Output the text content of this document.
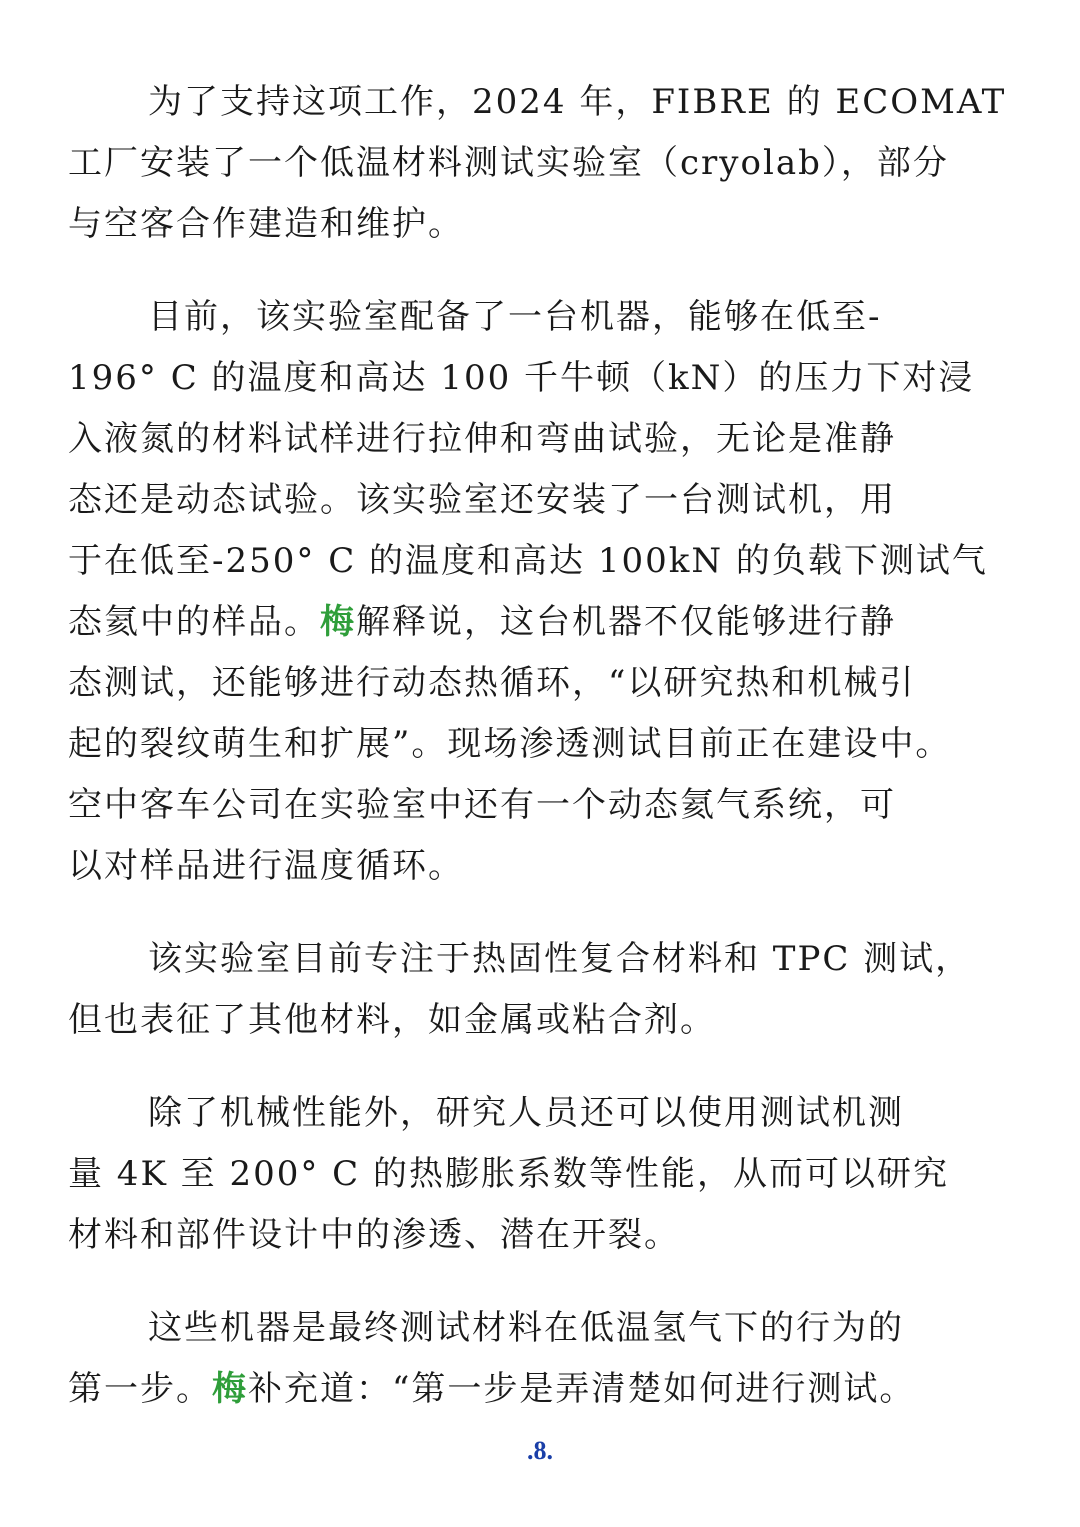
为了支持这项工作，2024 年，FIBRE 的 ECOMAT
工厂安装了一个低温材料测试实验室（cryolab），部分
与空客合作建造和维护。

目前，该实验室配备了一台机器，能够在低至-
196° C 的温度和高达 100 千牛顿（kN）的压力下对浸
入液氮的材料试样进行拉伸和弯曲试验，无论是准静
态还是动态试验。该实验室还安装了一台测试机，用
于在低至-250° C 的温度和高达 100kN 的负载下测试气
态氦中的样品。梅解释说，这台机器不仅能够进行静
态测试，还能够进行动态热循环，“以研究热和机械引
起的裂纹萌生和扩展”。现场渗透测试目前正在建设中。
空中客车公司在实验室中还有一个动态氦气系统，可
以对样品进行温度循环。

该实验室目前专注于热固性复合材料和 TPC 测试，
但也表征了其他材料，如金属或粘合剂。

除了机械性能外，研究人员还可以使用测试机测
量 4K 至 200° C 的热膨胀系数等性能，从而可以研究
材料和部件设计中的渗透、潜在开裂。

这些机器是最终测试材料在低温氢气下的行为的
第一步。梅补充道：“第一步是弄清楚如何进行测试。

.8.
